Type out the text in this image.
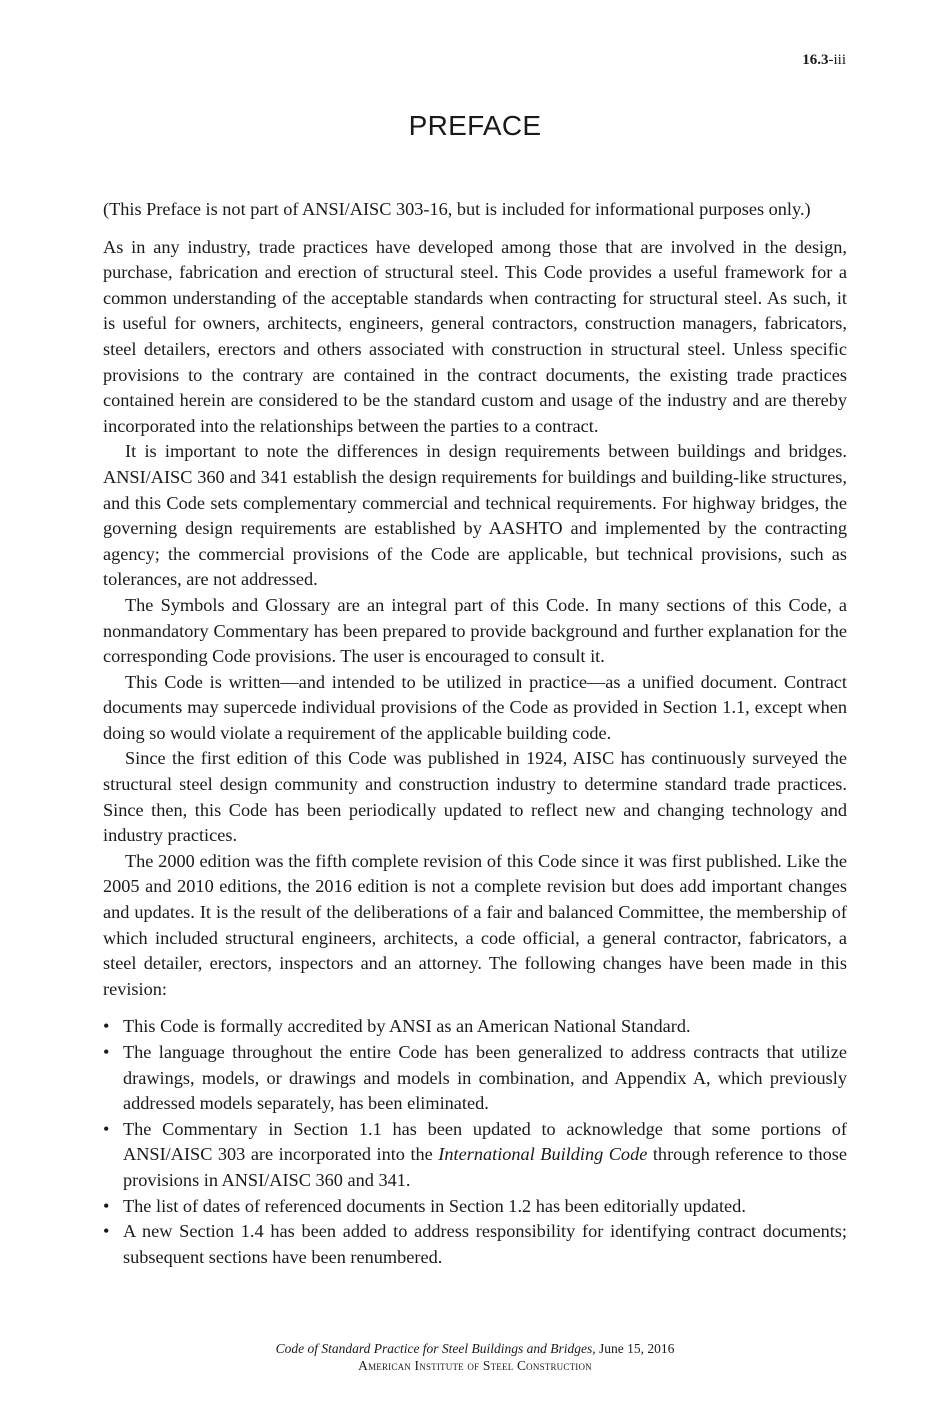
16.3-iii
PREFACE

(This Preface is not part of ANSI/AISC 303-16, but is included for informational purposes only.)

As in any industry, trade practices have developed among those that are involved in the design, purchase, fabrication and erection of structural steel. This Code provides a useful framework for a common understanding of the acceptable standards when contracting for structural steel. As such, it is useful for owners, architects, engineers, general contractors, construction managers, fabricators, steel detailers, erectors and others associated with construction in structural steel. Unless specific provisions to the contrary are contained in the contract documents, the existing trade practices contained herein are considered to be the standard custom and usage of the industry and are thereby incorporated into the relationships between the parties to a contract.

It is important to note the differences in design requirements between buildings and bridges. ANSI/AISC 360 and 341 establish the design requirements for buildings and building-like structures, and this Code sets complementary commercial and technical requirements. For highway bridges, the governing design requirements are established by AASHTO and implemented by the contracting agency; the commercial provisions of the Code are applicable, but technical provisions, such as tolerances, are not addressed.

The Symbols and Glossary are an integral part of this Code. In many sections of this Code, a nonmandatory Commentary has been prepared to provide background and further explanation for the corresponding Code provisions. The user is encouraged to consult it.

This Code is written—and intended to be utilized in practice—as a unified document. Contract documents may supercede individual provisions of the Code as provided in Section 1.1, except when doing so would violate a requirement of the applicable building code.

Since the first edition of this Code was published in 1924, AISC has continuously surveyed the structural steel design community and construction industry to determine standard trade practices. Since then, this Code has been periodically updated to reflect new and changing technology and industry practices.

The 2000 edition was the fifth complete revision of this Code since it was first published. Like the 2005 and 2010 editions, the 2016 edition is not a complete revision but does add important changes and updates. It is the result of the deliberations of a fair and balanced Committee, the membership of which included structural engineers, architects, a code official, a general contractor, fabricators, a steel detailer, erectors, inspectors and an attorney. The following changes have been made in this revision:

• This Code is formally accredited by ANSI as an American National Standard.
• The language throughout the entire Code has been generalized to address contracts that utilize drawings, models, or drawings and models in combination, and Appendix A, which previously addressed models separately, has been eliminated.
• The Commentary in Section 1.1 has been updated to acknowledge that some portions of ANSI/AISC 303 are incorporated into the International Building Code through reference to those provisions in ANSI/AISC 360 and 341.
• The list of dates of referenced documents in Section 1.2 has been editorially updated.
• A new Section 1.4 has been added to address responsibility for identifying contract documents; subsequent sections have been renumbered.
Code of Standard Practice for Steel Buildings and Bridges, June 15, 2016
American Institute of Steel Construction
